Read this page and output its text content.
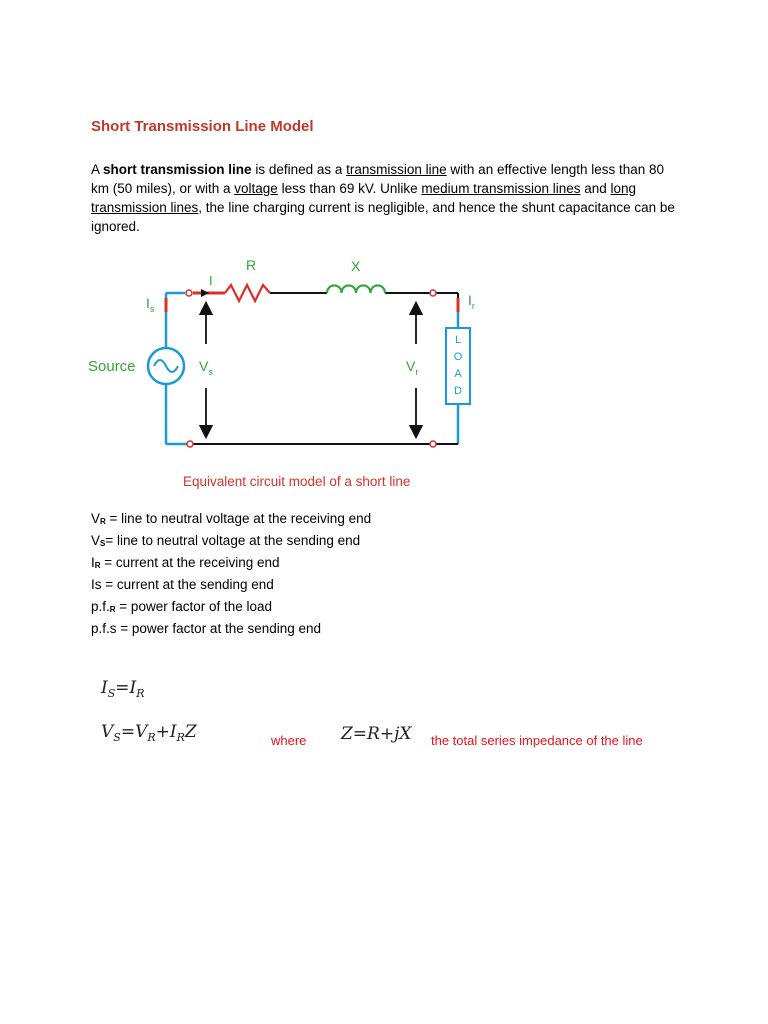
Short Transmission Line Model

A short transmission line is defined as a transmission line with an effective length less than 80 km (50 miles), or with a voltage less than 69 kV. Unlike medium transmission lines and long transmission lines, the line charging current is negligible, and hence the shunt capacitance can be ignored.

L
O
A
D
I
R	X
$I_s$
$I_r$
Source	$V_s$	$V_r$
Equivalent circuit model of a short line
VR = line to neutral voltage at the receiving end
VS= line to neutral voltage at the sending end
IR = current at the receiving end
Is = current at the sending end
p.f.R = power factor of the load
p.f.s = power factor at the sending end
$I_S=I_R$
$V_S=V_R+I_RZ$	where Z=R+jX the total series impedance of the line
